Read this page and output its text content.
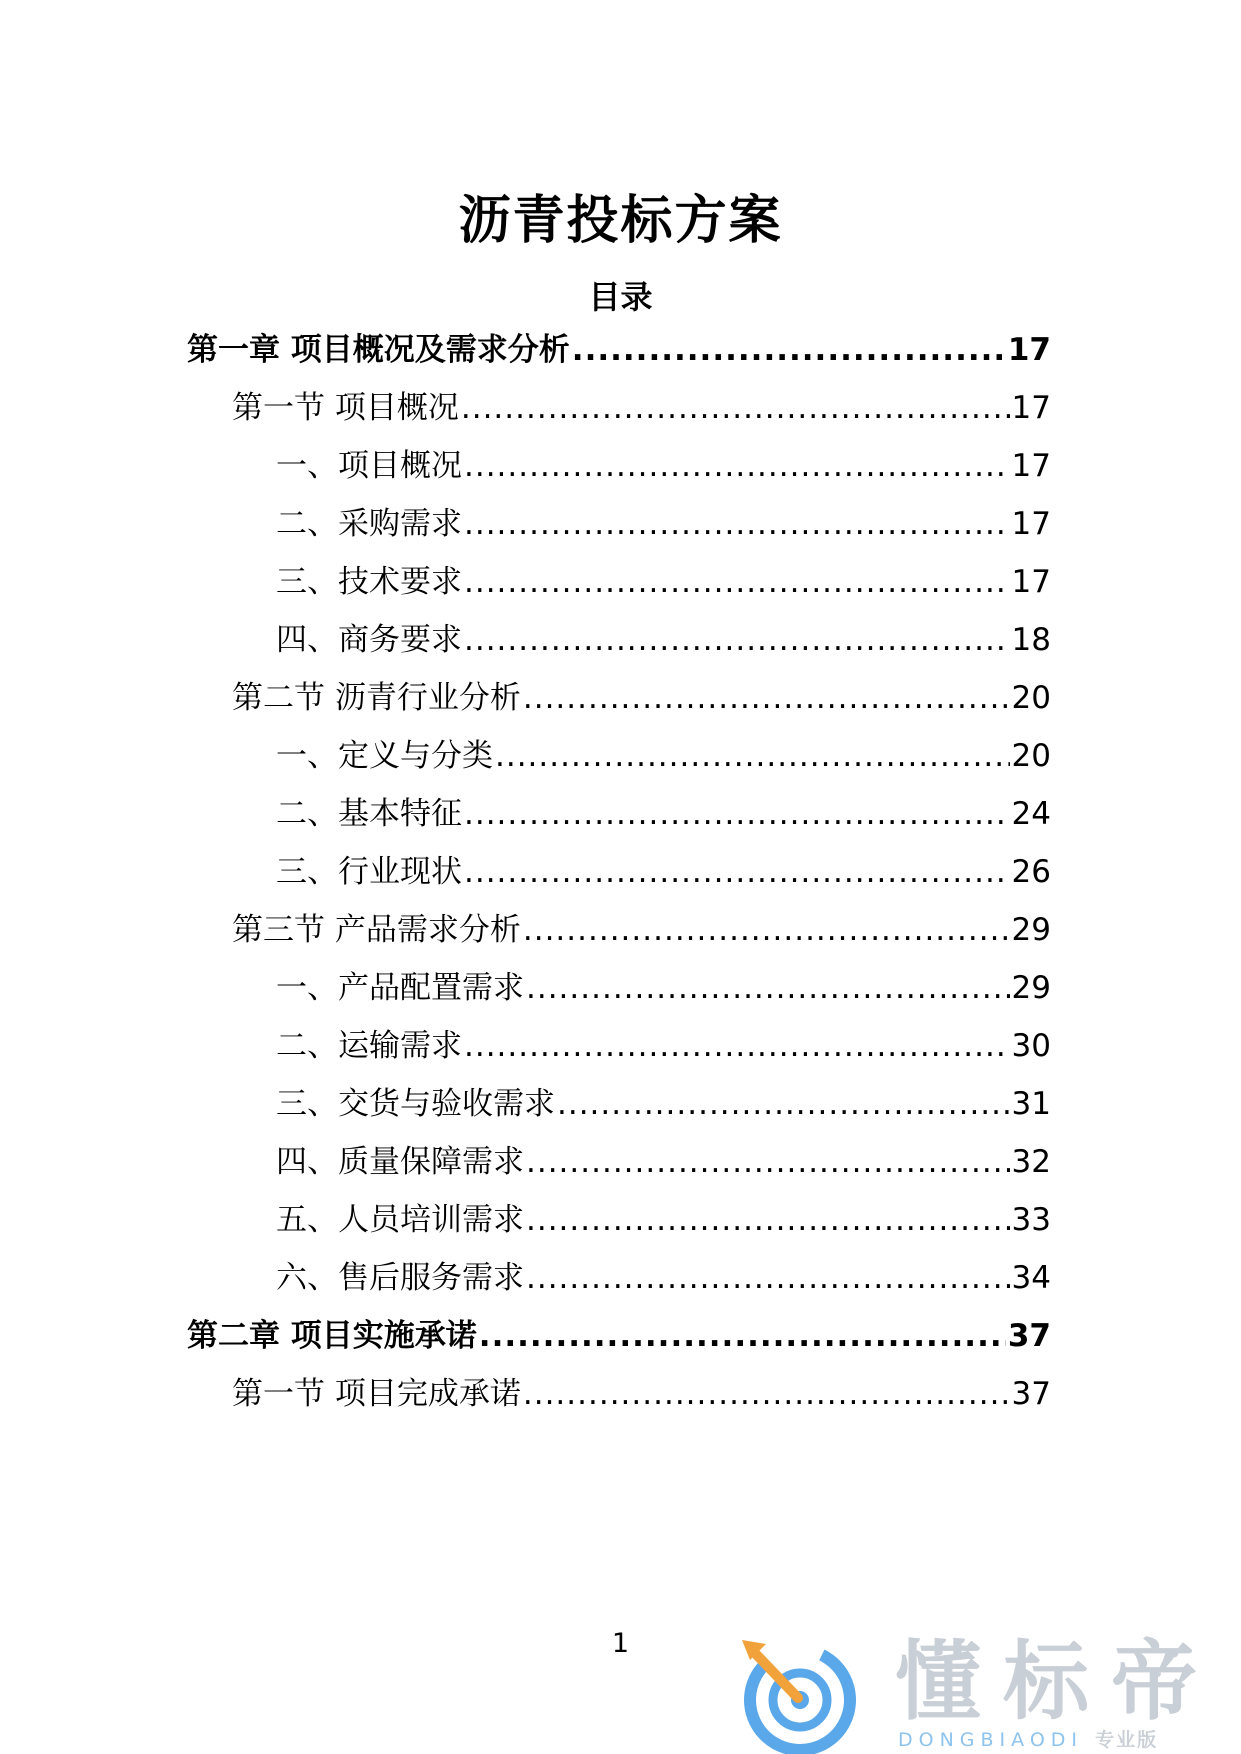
沥青投标方案
目录
第一章 项目概况及需求分析 .....	17
第一节 项目概况 .....	17
一、项目概况 .....	17
二、采购需求 .....	17
三、技术要求 .....	17
四、商务要求 .....	18
第二节 沥青行业分析 .....	20
一、定义与分类 .....	20
二、基本特征 .....	24
三、行业现状 .....	26
第三节 产品需求分析 .....	29
一、产品配置需求 .....	29
二、运输需求 .....	30
三、交货与验收需求 .....	31
四、质量保障需求 .....	32
五、人员培训需求 .....	33
六、售后服务需求 .....	34
第二章 项目实施承诺 .....	37
第一节 项目完成承诺 .....	37
1	懂标帝
DONGBIAODI 专业版
